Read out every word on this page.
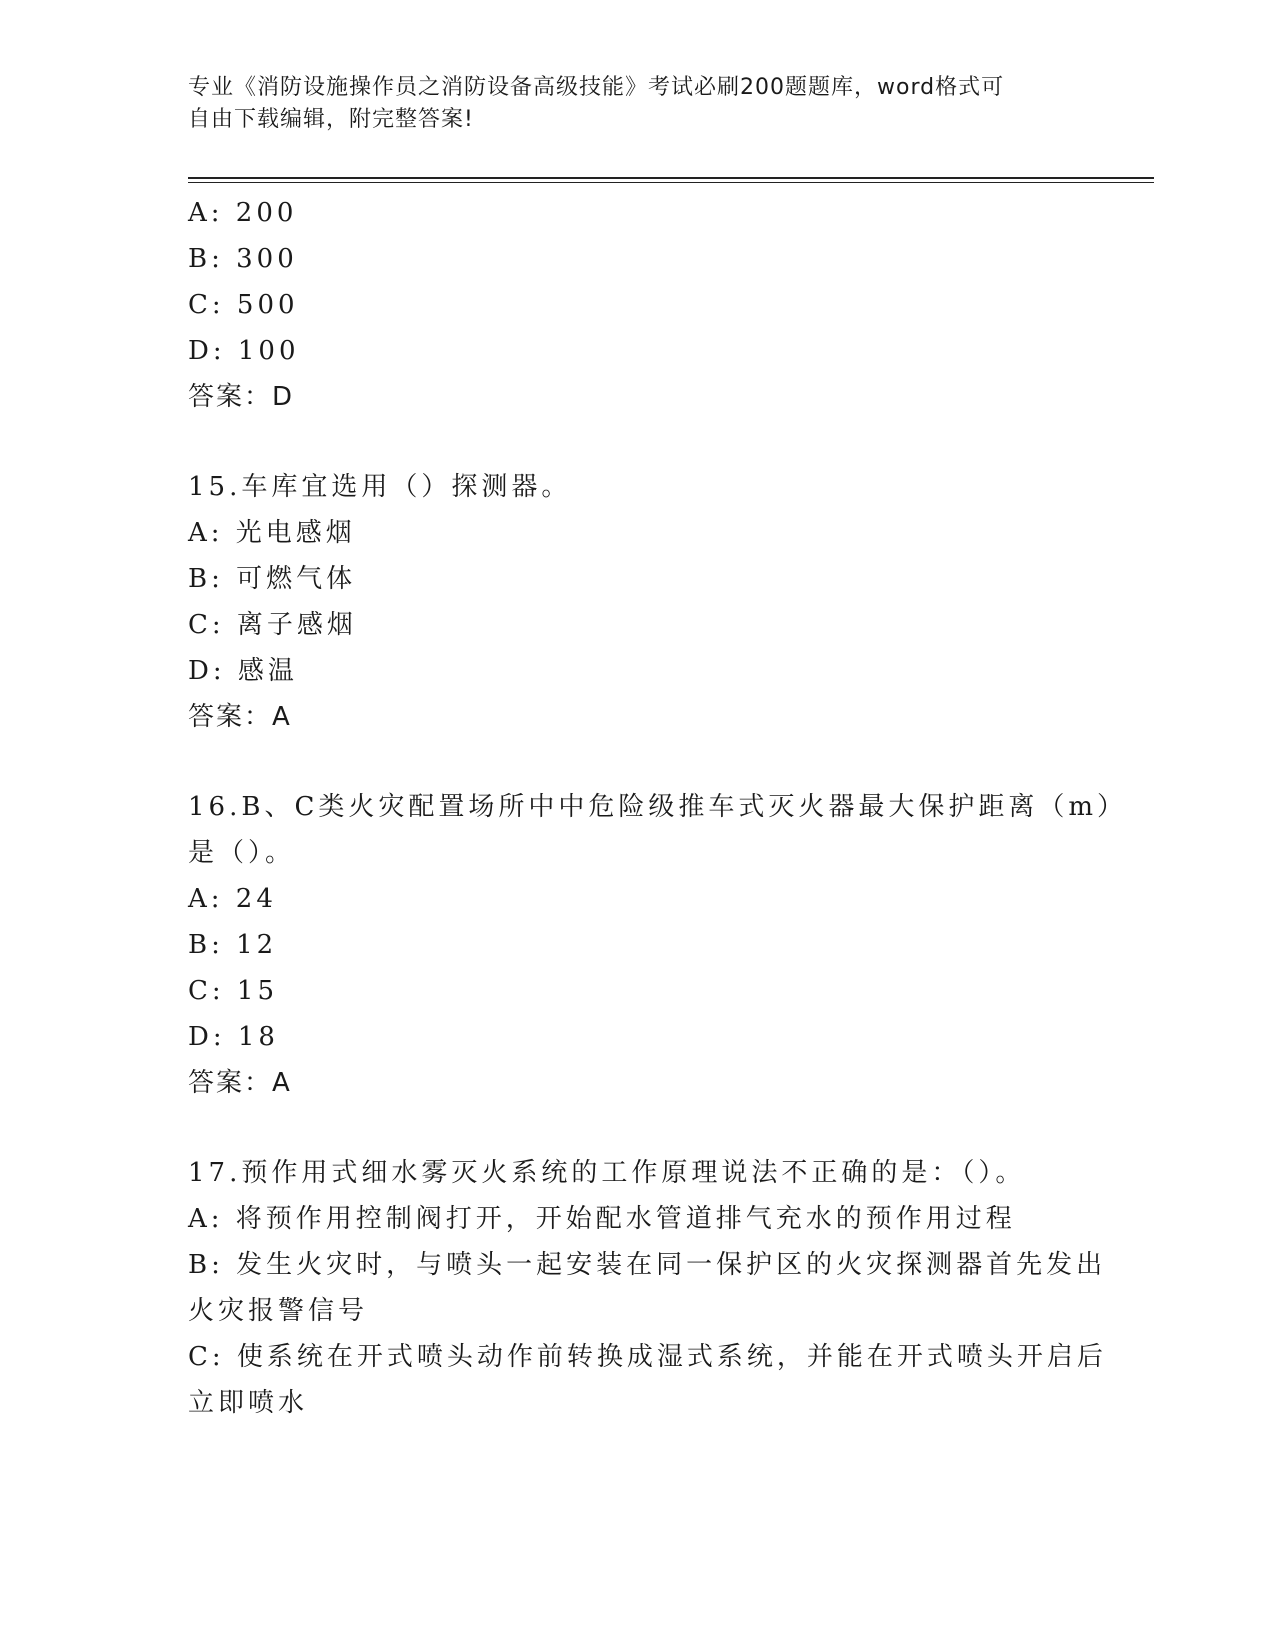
专业《消防设施操作员之消防设备高级技能》考试必刷200题题库，word格式可
自由下载编辑，附完整答案!
A: 200
B: 300
C: 500
D: 100
答案：D
15.车库宜选用（）探测器。
A: 光电感烟
B: 可燃气体
C: 离子感烟
D: 感温
答案：A
16.B、C类火灾配置场所中中危险级推车式灭火器最大保护距离（m）
是（）。
A: 24
B: 12
C: 15
D: 18
答案：A
17.预作用式细水雾灭火系统的工作原理说法不正确的是：（）。
A: 将预作用控制阀打开，开始配水管道排气充水的预作用过程
B: 发生火灾时，与喷头一起安装在同一保护区的火灾探测器首先发出
火灾报警信号
C: 使系统在开式喷头动作前转换成湿式系统，并能在开式喷头开启后
立即喷水
